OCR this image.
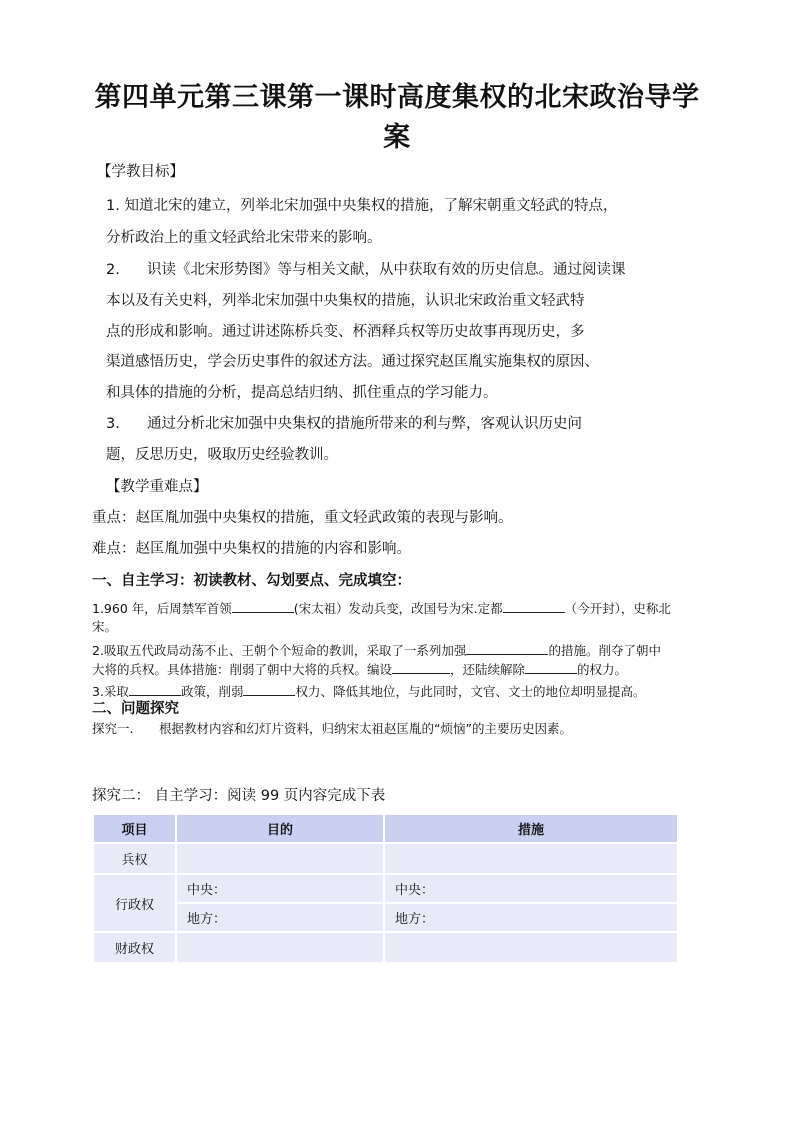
第四单元第三课第一课时高度集权的北宋政治导学案
【学教目标】
1. 知道北宋的建立，列举北宋加强中央集权的措施，了解宋朝重文轻武的特点，
分析政治上的重文轻武给北宋带来的影响。
2. 识读《北宋形势图》等与相关文献，从中获取有效的历史信息。通过阅读课
本以及有关史料，列举北宋加强中央集权的措施，认识北宋政治重文轻武特
点的形成和影响。通过讲述陈桥兵变、杯酒释兵权等历史故事再现历史，多
渠道感悟历史，学会历史事件的叙述方法。通过探究赵匡胤实施集权的原因、
和具体的措施的分析，提高总结归纳、抓住重点的学习能力。
3. 通过分析北宋加强中央集权的措施所带来的利与弊，客观认识历史问
题，反思历史，吸取历史经验教训。
【教学重难点】
重点：赵匡胤加强中央集权的措施，重文轻武政策的表现与影响。
难点：赵匡胤加强中央集权的措施的内容和影响。
一、自主学习：初读教材、勾划要点、完成填空：
1.960 年，后周禁军首领	(宋太祖）发动兵变，改国号为宋.定都	（今开封），史称北
宋。
2.吸取五代政局动荡不止、王朝个个短命的教训，采取了一系列加强	的措施。削夺了朝中
大将的兵权。具体措施：削弱了朝中大将的兵权。编设	，还陆续解除	的权力。
3.采取	政策，削弱	权力、降低其地位，与此同时，文官、文士的地位却明显提高。
二、问题探究
探究一. 根据教材内容和幻灯片资料，归纳宋太祖赵匡胤的“烦恼”的主要历史因素。
探究二： 自主学习：阅读 99 页内容完成下表
项目	目的	措施
兵权		
行政权	中央：	中央：
	地方：	地方：
财政权		
